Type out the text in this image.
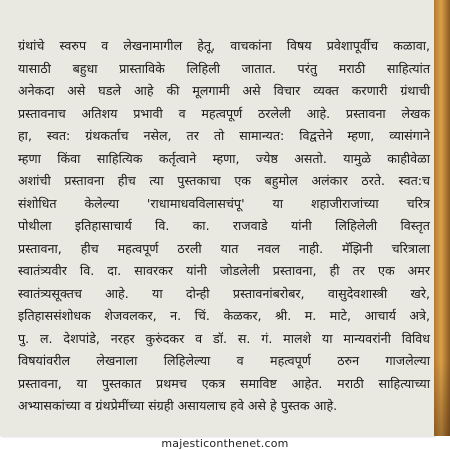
ग्रंथांचे स्वरुप व लेखनामागील हेतू, वाचकांना विषय प्रवेशापूर्वीच कळावा,
यासाठी बहुधा प्रास्ताविके लिहिली जातात. परंतु मराठी साहित्यांत
अनेकदा असे घडले आहे की मूलगामी असे विचार व्यक्त करणारी ग्रंथाची
प्रस्तावनाच अतिशय प्रभावी व महत्वपूर्ण ठरलेली आहे. प्रस्तावना लेखक
हा, स्वत: ग्रंथकर्ताच नसेल, तर तो सामान्यत: विद्वत्तेने म्हणा, व्यासंगाने
म्हणा किंवा साहित्यिक कर्तृत्वाने म्हणा, ज्येष्ठ असतो. यामुळे काहीवेळा
अशांची प्रस्तावना हीच त्या पुस्तकाचा एक बहुमोल अलंकार ठरते. स्वत:च
संशोधित केलेल्या 'राधामाधवविलासचंपू' या शहाजीराजांच्या चरित्र
पोथीला इतिहासाचार्य वि. का. राजवाडे यांनी लिहिलेली विस्तृत
प्रस्तावना, हीच महत्वपूर्ण ठरली यात नवल नाही. मॅझिनी चरित्राला
स्वातंत्र्यवीर वि. दा. सावरकर यांनी जोडलेली प्रस्तावना, ही तर एक अमर
स्वातंत्र्यसूक्तच आहे. या दोन्ही प्रस्तावनांबरोबर, वासुदेवशास्त्री खरे,
इतिहाससंशोधक शेजवलकर, न. चिं. केळकर, श्री. म. माटे, आचार्य अत्रे,
पु. ल. देशपांडे, नरहर कुरुंदकर व डॉ. स. गं. मालशे या मान्यवरांनी विविध
विषयांवरील लेखनाला लिहिलेल्या व महत्वपूर्ण ठरुन गाजलेल्या
प्रस्तावना, या पुस्तकात प्रथमच एकत्र समाविष्ट आहेत. मराठी साहित्याच्या
अभ्यासकांच्या व ग्रंथप्रेमींच्या संग्रही असायलाच हवे असे हे पुस्तक आहे.
majesticonthenet.com
